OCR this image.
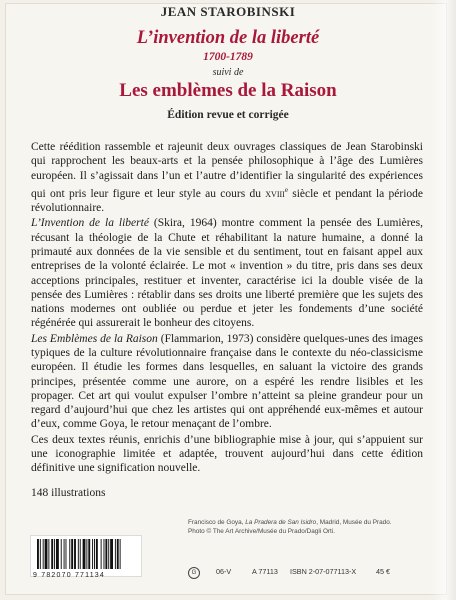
JEAN STAROBINSKI
L’invention de la liberté
1700-1789
suivi de
Les emblèmes de la Raison
Édition revue et corrigée

Cette réédition rassemble et rajeunit deux ouvrages classiques de Jean Starobinski qui rapprochent les beaux-arts et la pensée philosophique à l’âge des Lumières européen. Il s’agissait dans l’un et l’autre d’identifier la singularité des expériences qui ont pris leur figure et leur style au cours du xviii$^e$ siècle et pendant la période révolutionnaire.

L’Invention de la liberté (Skira, 1964) montre comment la pensée des Lumières, récusant la théologie de la Chute et réhabilitant la nature humaine, a donné la primauté aux données de la vie sensible et du sentiment, tout en faisant appel aux entreprises de la volonté éclairée. Le mot « invention » du titre, pris dans ses deux acceptions principales, restituer et inventer, caractérise ici la double visée de la pensée des Lumières : rétablir dans ses droits une liberté première que les sujets des nations modernes ont oubliée ou perdue et jeter les fondements d’une société régénérée qui assurerait le bonheur des citoyens.

Les Emblèmes de la Raison (Flammarion, 1973) considère quelques-unes des images typiques de la culture révolutionnaire française dans le contexte du néo-classicisme européen. Il étudie les formes dans lesquelles, en saluant la victoire des grands principes, présentée comme une aurore, on a espéré les rendre lisibles et les propager. Cet art qui voulut expulser l’ombre n’atteint sa pleine grandeur pour un regard d’aujourd’hui que chez les artistes qui ont appréhendé eux-mêmes et autour d’eux, comme Goya, le retour menaçant de l’ombre.

Ces deux textes réunis, enrichis d’une bibliographie mise à jour, qui s’appuient sur une iconographie limitée et adaptée, trouvent aujourd’hui dans cette édition définitive une signification nouvelle.

148 illustrations
Francisco de Goya, La Pradera de San Isidro, Madrid, Musée du Prado.
Photo © The Art Archive/Musée du Prado/Dagli Orti.
9 782070 771134	G	06-V	A 77113 ISBN 2-07-077113-X	45 €
